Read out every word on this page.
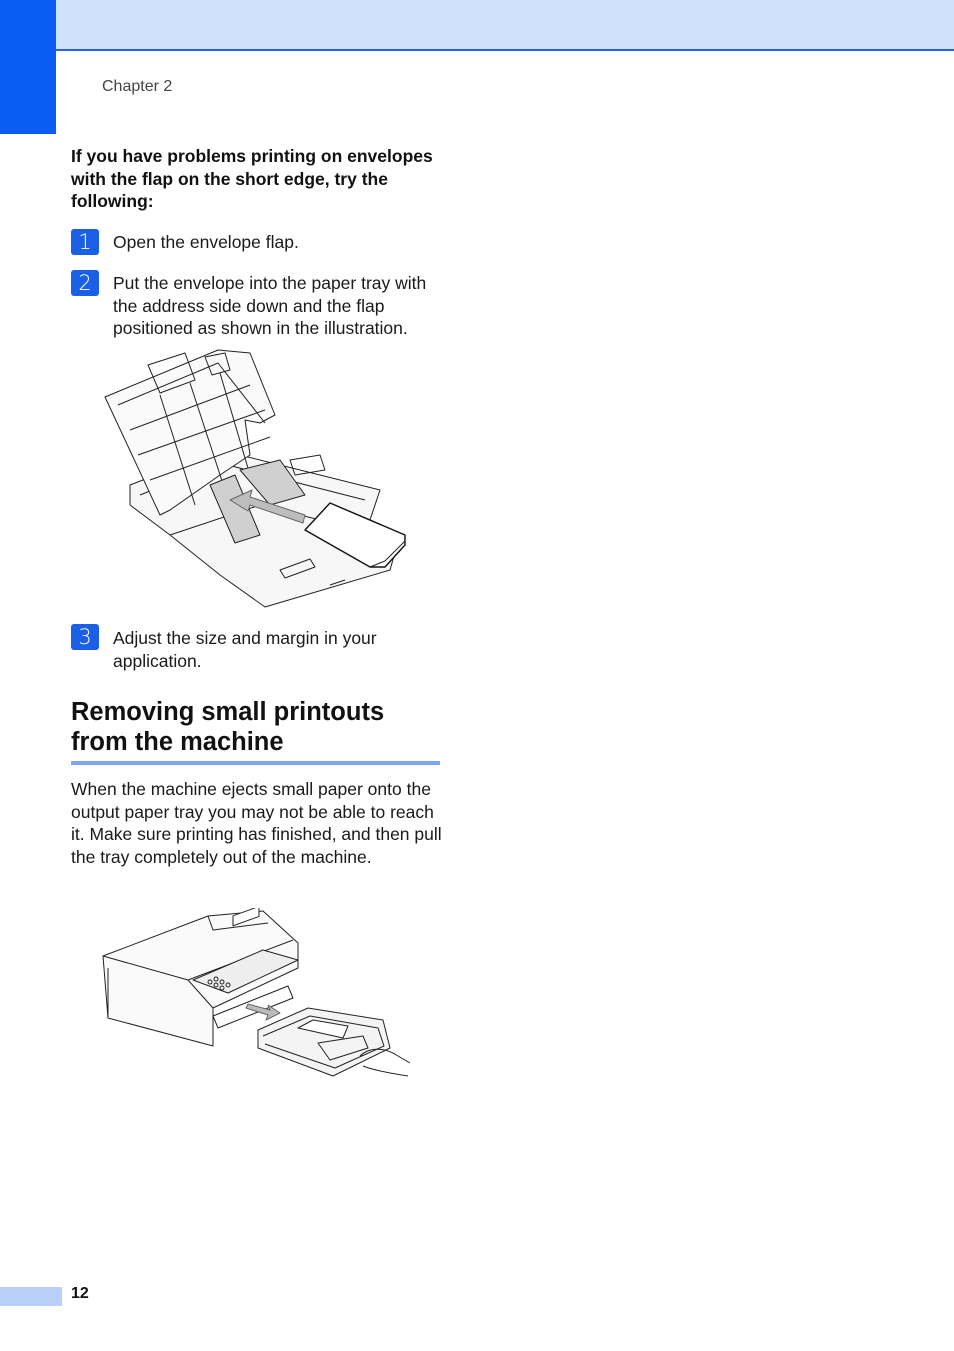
Chapter 2
If you have problems printing on envelopes with the flap on the short edge, try the following:
1	Open the envelope flap.
2	Put the envelope into the paper tray with the address side down and the flap positioned as shown in the illustration.
3	Adjust the size and margin in your application.
Removing small printouts from the machine
When the machine ejects small paper onto the output paper tray you may not be able to reach it. Make sure printing has finished, and then pull the tray completely out of the machine.
12
